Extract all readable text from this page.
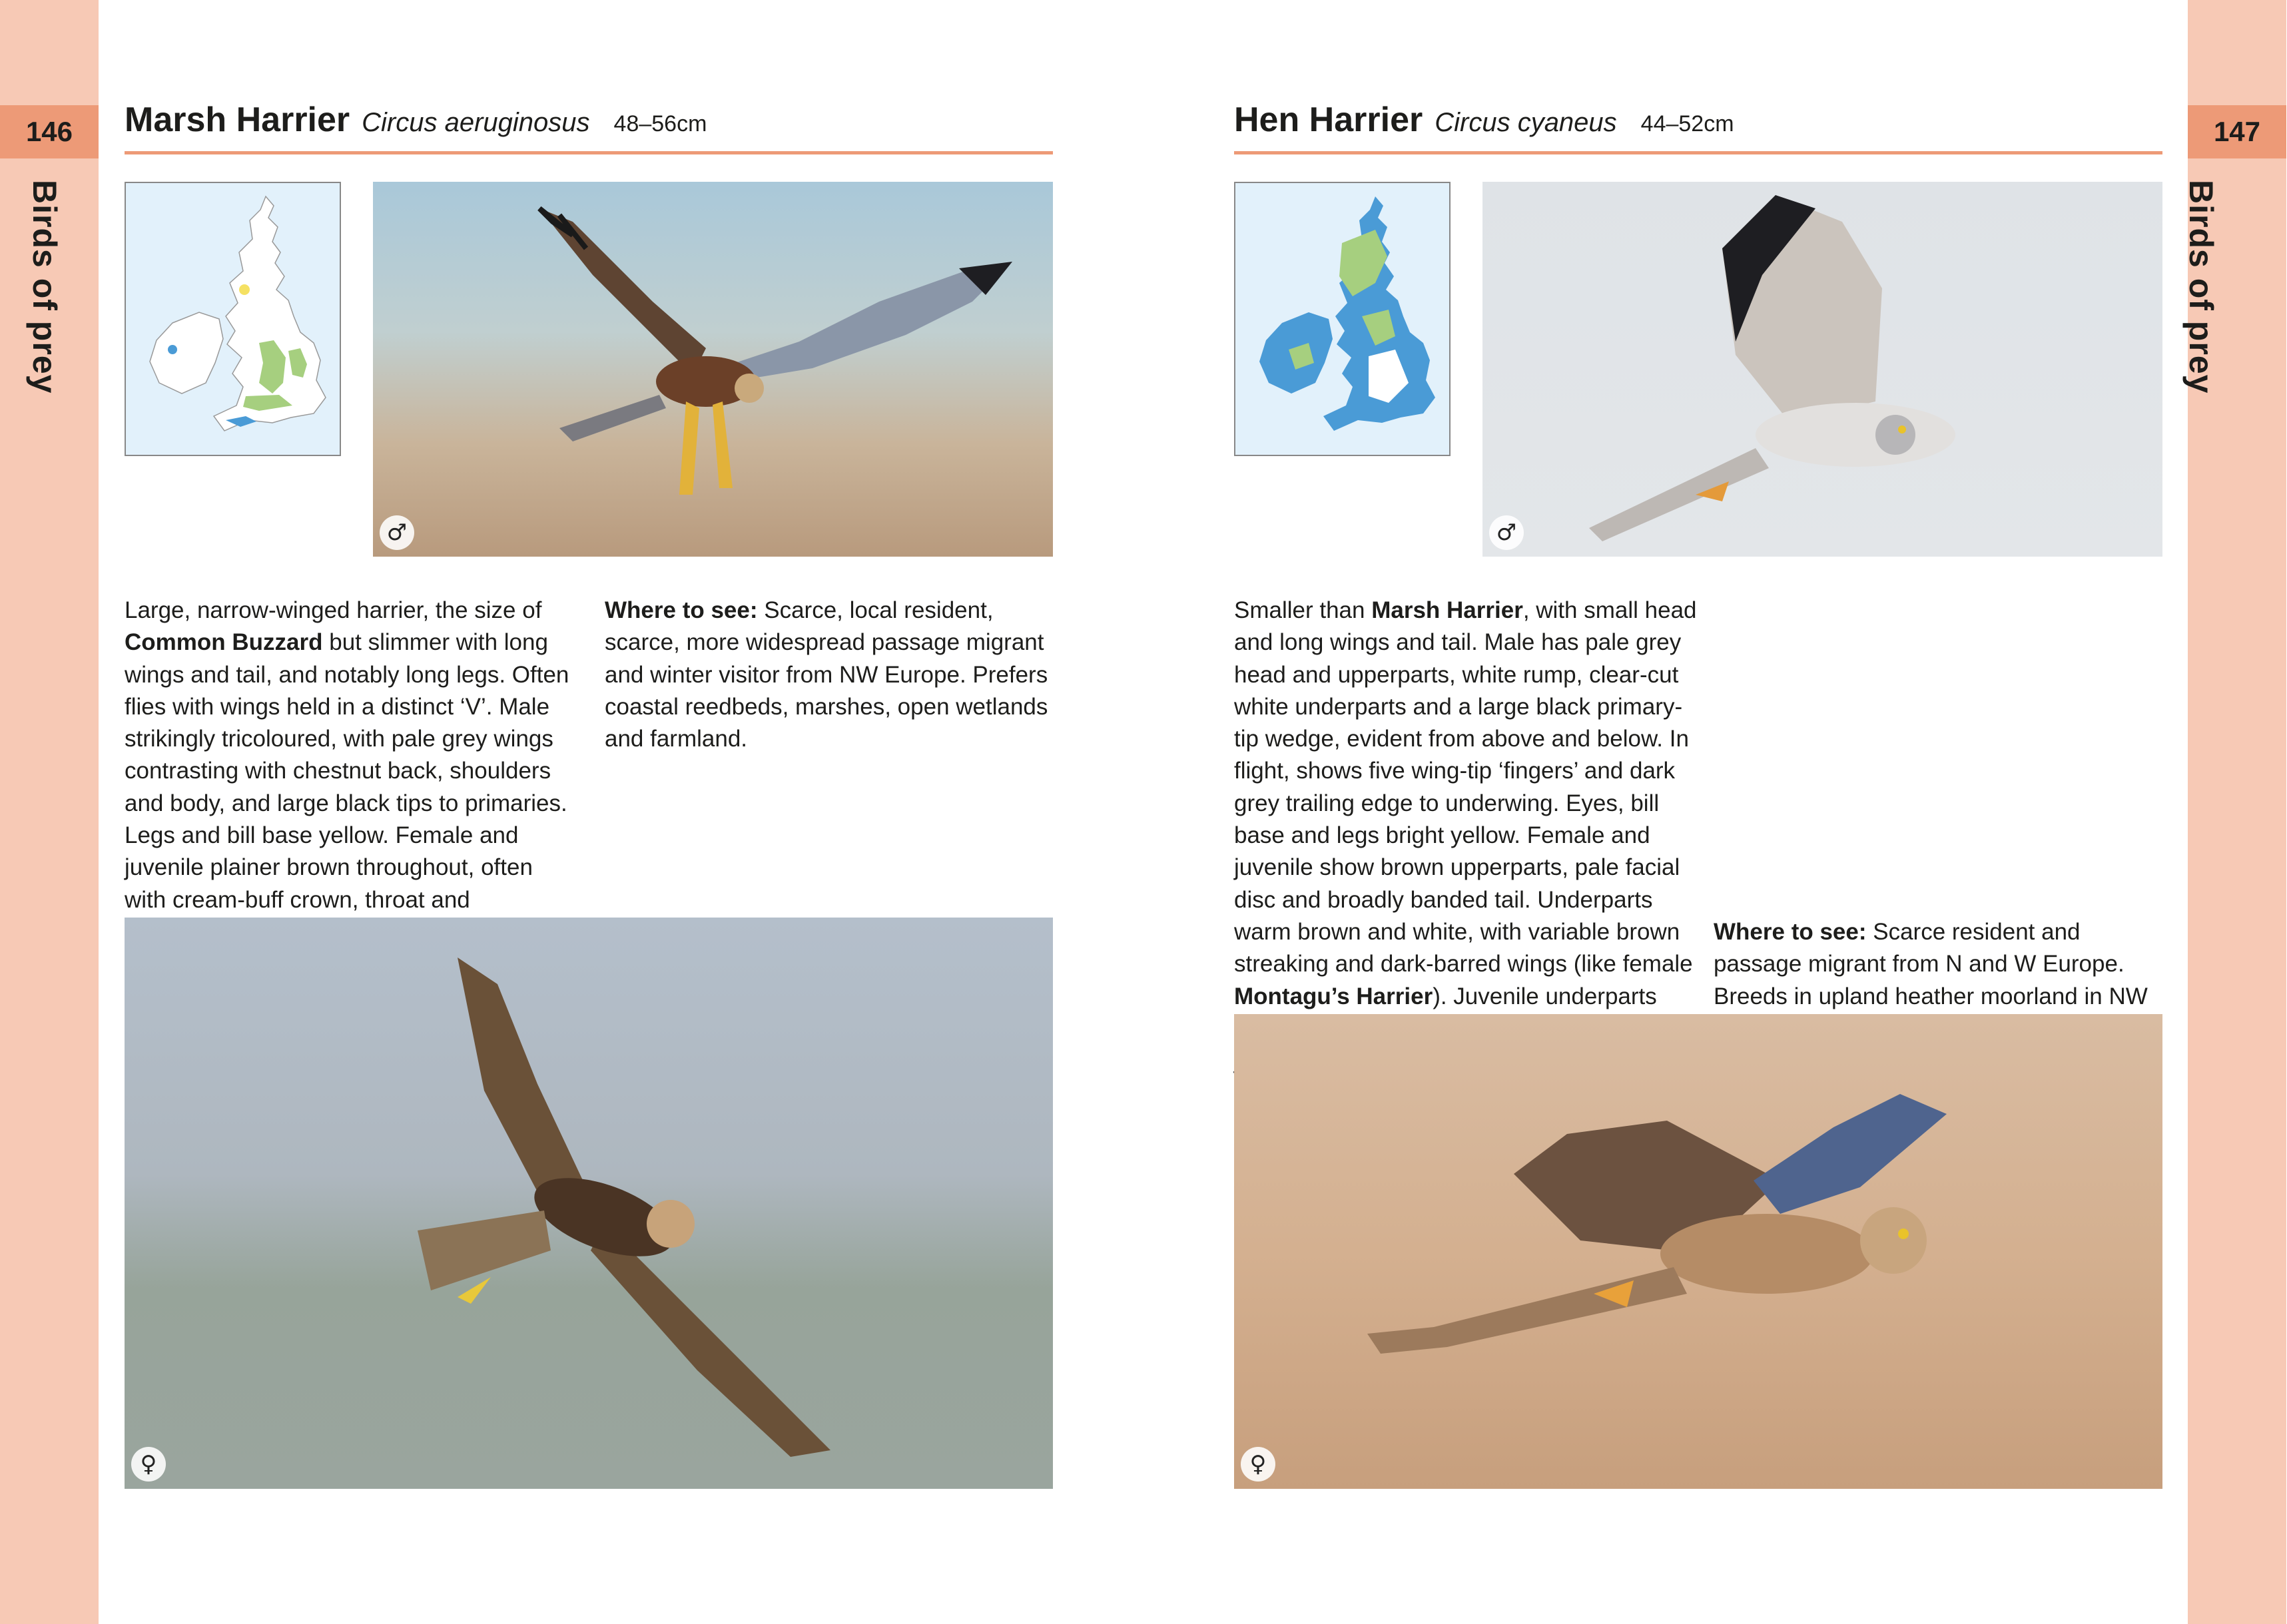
146	147
Birds of prey	Birds of prey
Marsh Harrier Circus aeruginosus 48–56cm
♂
Large, narrow-winged harrier, the size of Common Buzzard but slimmer with long wings and tail, and notably long legs. Often flies with wings held in a distinct ‘V’. Male strikingly tricoloured, with pale grey wings contrasting with chestnut back, shoulders and body, and large black tips to primaries. Legs and bill base yellow. Female and juvenile plainer brown throughout, often with cream-buff crown, throat and
Where to see: Scarce, local resident, scarce, more widespread passage migrant and winter visitor from NW Europe. Prefers coastal reedbeds, marshes, open wetlands and farmland.
♀
Hen Harrier Circus cyaneus 44–52cm
♂
Smaller than Marsh Harrier, with small head and long wings and tail. Male has pale grey head and upperparts, white rump, clear-cut white underparts and a large black primary-tip wedge, evident from above and below. In flight, shows five wing-tip ‘fingers’ and dark grey trailing edge to underwing. Eyes, bill base and legs bright yellow. Female and juvenile show brown upperparts, pale facial disc and broadly banded tail. Underparts warm brown and white, with variable brown streaking and dark-barred wings (like female Montagu’s Harrier). Juvenile underparts
Where to see: Scarce resident and passage migrant from N and W Europe. Breeds in upland heather moorland in NW
♀
